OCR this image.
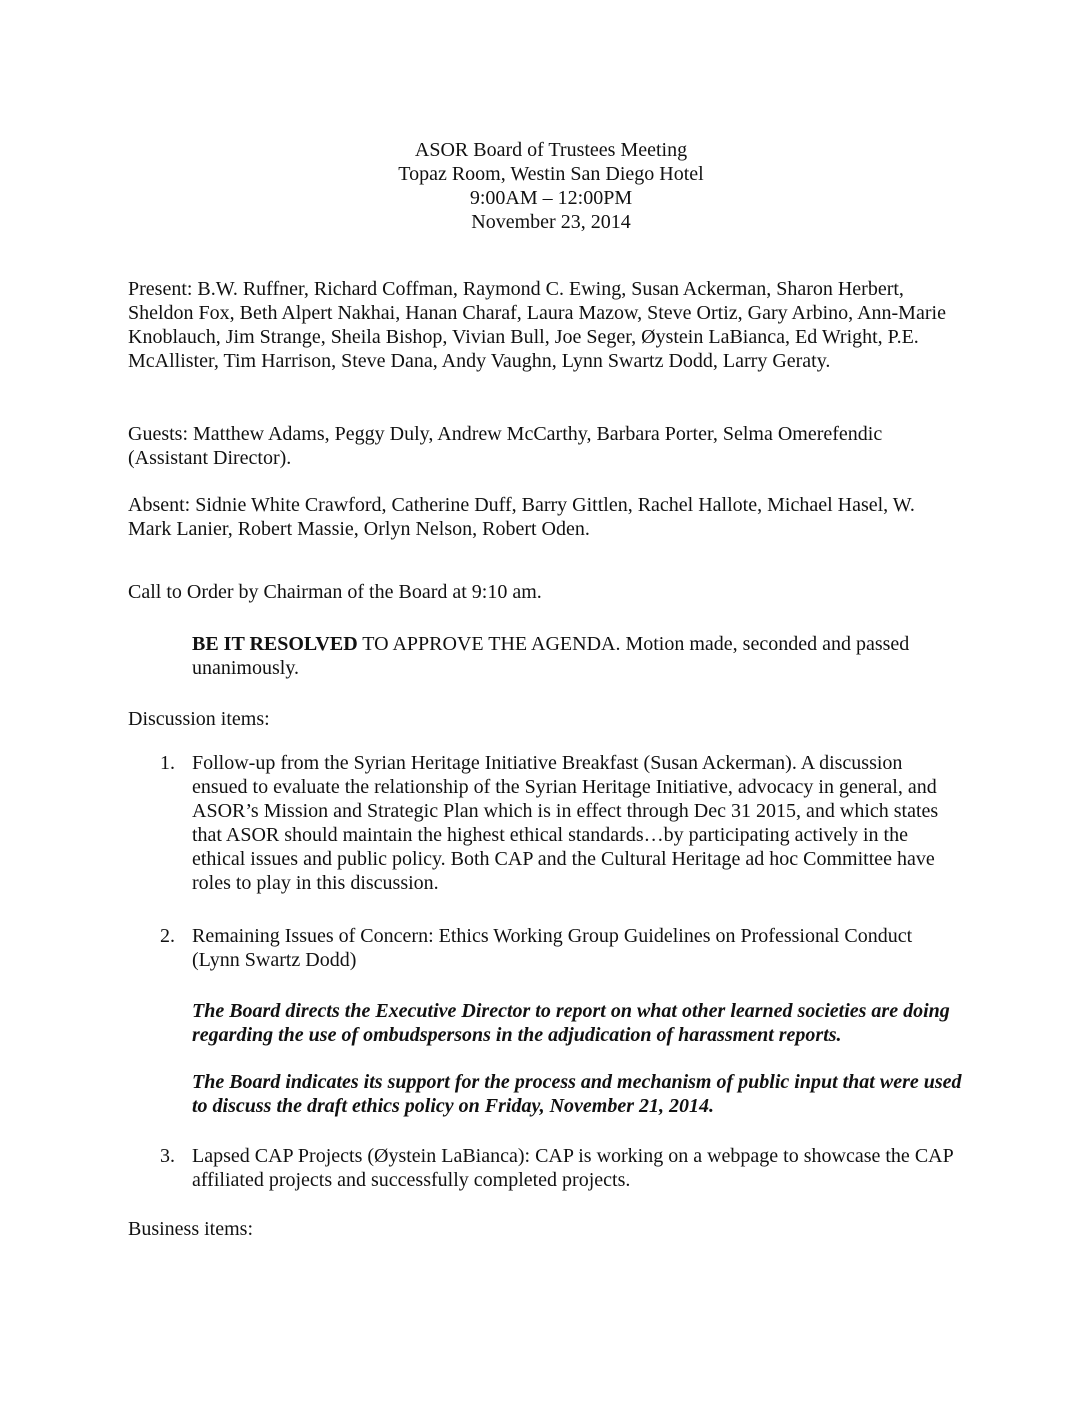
ASOR Board of Trustees Meeting
Topaz Room, Westin San Diego Hotel
9:00AM – 12:00PM
November 23, 2014

Present: B.W. Ruffner, Richard Coffman, Raymond C. Ewing, Susan Ackerman, Sharon Herbert, Sheldon Fox, Beth Alpert Nakhai, Hanan Charaf, Laura Mazow, Steve Ortiz, Gary Arbino, Ann-Marie Knoblauch, Jim Strange, Sheila Bishop, Vivian Bull, Joe Seger, Øystein LaBianca, Ed Wright, P.E. McAllister, Tim Harrison, Steve Dana, Andy Vaughn, Lynn Swartz Dodd, Larry Geraty.

Guests: Matthew Adams, Peggy Duly, Andrew McCarthy, Barbara Porter, Selma Omerefendic (Assistant Director).

Absent: Sidnie White Crawford, Catherine Duff, Barry Gittlen, Rachel Hallote, Michael Hasel, W. Mark Lanier, Robert Massie, Orlyn Nelson, Robert Oden.

Call to Order by Chairman of the Board at 9:10 am.

BE IT RESOLVED TO APPROVE THE AGENDA. Motion made, seconded and passed unanimously.

Discussion items:

1. Follow-up from the Syrian Heritage Initiative Breakfast (Susan Ackerman). A discussion ensued to evaluate the relationship of the Syrian Heritage Initiative, advocacy in general, and ASOR’s Mission and Strategic Plan which is in effect through Dec 31 2015, and which states that ASOR should maintain the highest ethical standards…by participating actively in the ethical issues and public policy. Both CAP and the Cultural Heritage ad hoc Committee have roles to play in this discussion.

2. Remaining Issues of Concern: Ethics Working Group Guidelines on Professional Conduct (Lynn Swartz Dodd)

The Board directs the Executive Director to report on what other learned societies are doing regarding the use of ombudspersons in the adjudication of harassment reports.

The Board indicates its support for the process and mechanism of public input that were used to discuss the draft ethics policy on Friday, November 21, 2014.

3. Lapsed CAP Projects (Øystein LaBianca): CAP is working on a webpage to showcase the CAP affiliated projects and successfully completed projects.

Business items:
